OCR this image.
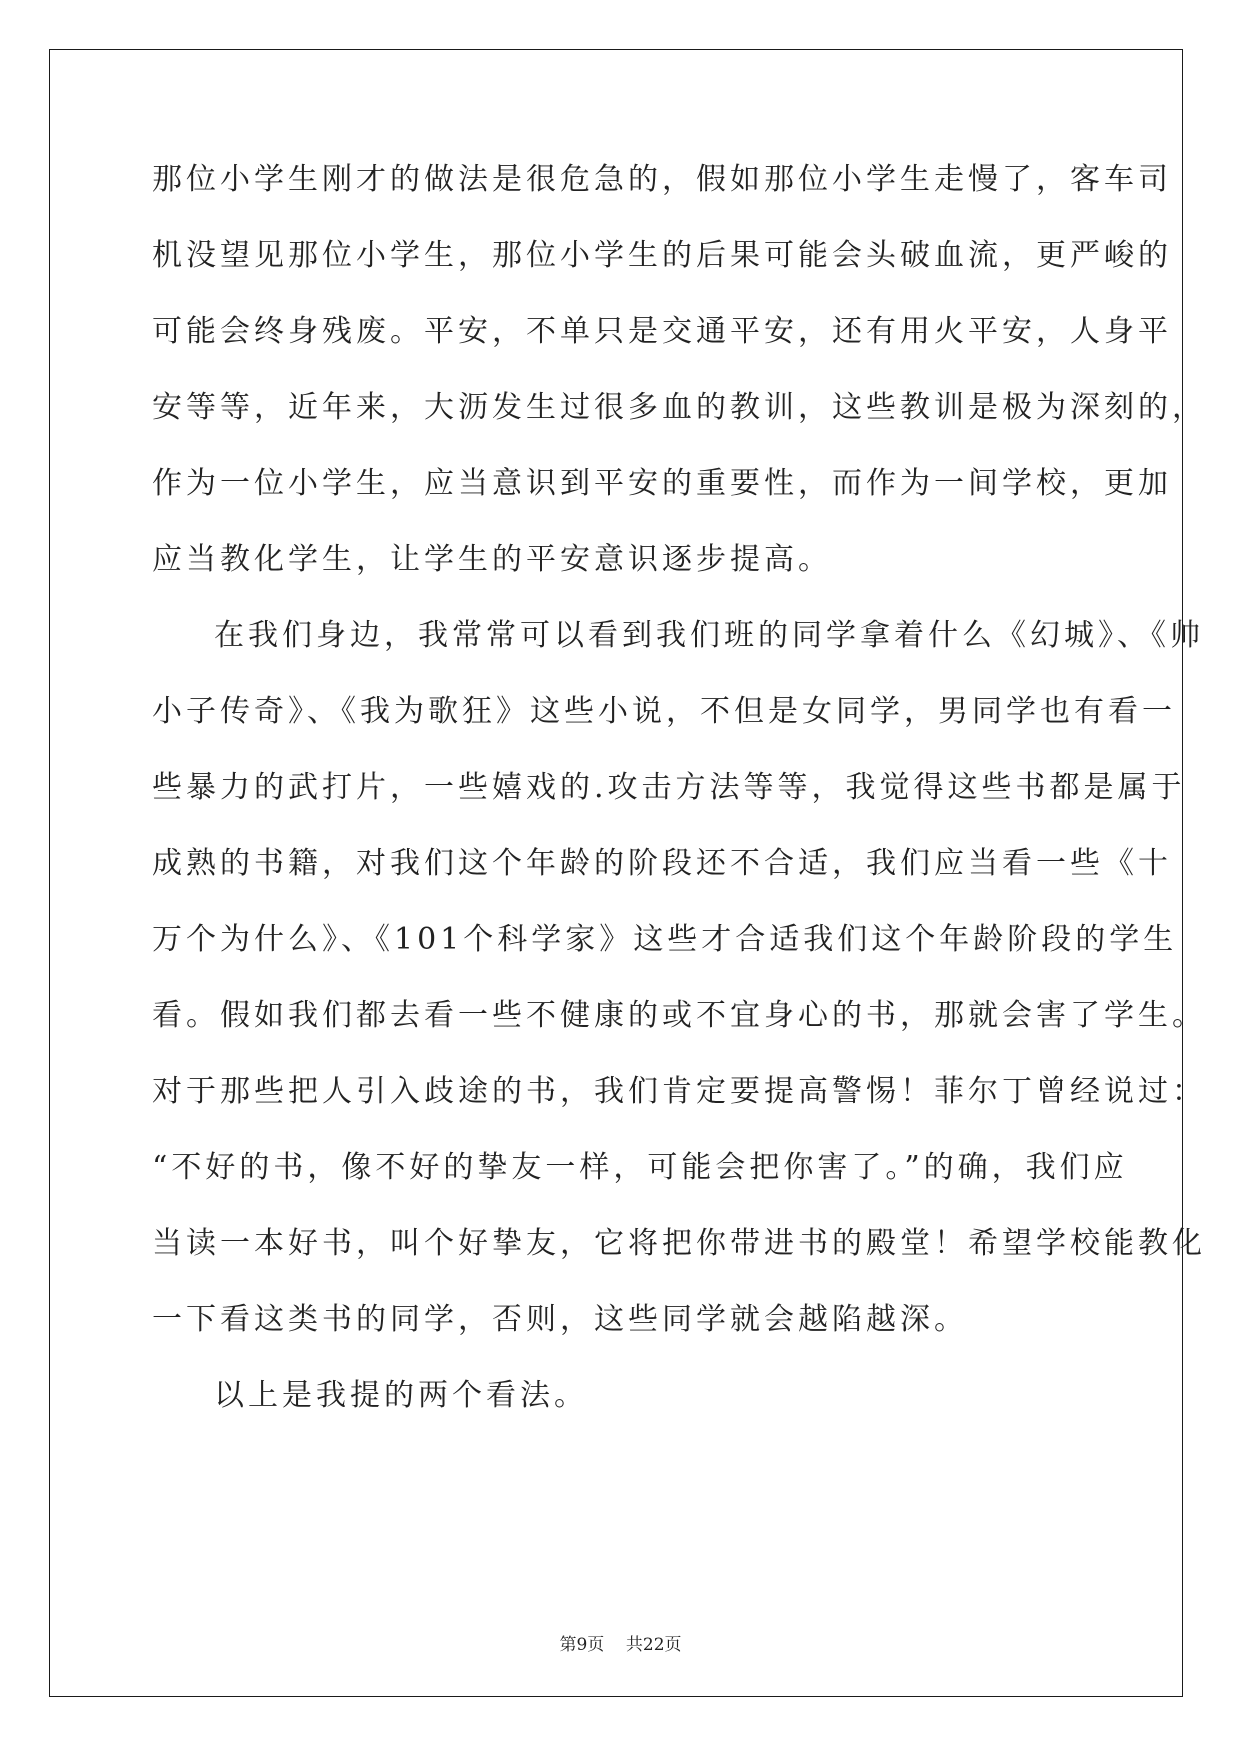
那位小学生刚才的做法是很危急的，假如那位小学生走慢了，客车司
机没望见那位小学生，那位小学生的后果可能会头破血流，更严峻的
可能会终身残废。平安，不单只是交通平安，还有用火平安，人身平
安等等，近年来，大沥发生过很多血的教训，这些教训是极为深刻的，
作为一位小学生，应当意识到平安的重要性，而作为一间学校，更加
应当教化学生，让学生的平安意识逐步提高。
在我们身边，我常常可以看到我们班的同学拿着什么《幻城》、《帅
小子传奇》、《我为歌狂》这些小说，不但是女同学，男同学也有看一
些暴力的武打片，一些嬉戏的.攻击方法等等，我觉得这些书都是属于
成熟的书籍，对我们这个年龄的阶段还不合适，我们应当看一些《十
万个为什么》、《101个科学家》这些才合适我们这个年龄阶段的学生
看。假如我们都去看一些不健康的或不宜身心的书，那就会害了学生。
对于那些把人引入歧途的书，我们肯定要提高警惕！菲尔丁曾经说过：
“不好的书，像不好的挚友一样，可能会把你害了。”的确，我们应
当读一本好书，叫个好挚友，它将把你带进书的殿堂！希望学校能教化
一下看这类书的同学，否则，这些同学就会越陷越深。
以上是我提的两个看法。
第9页 共22页
